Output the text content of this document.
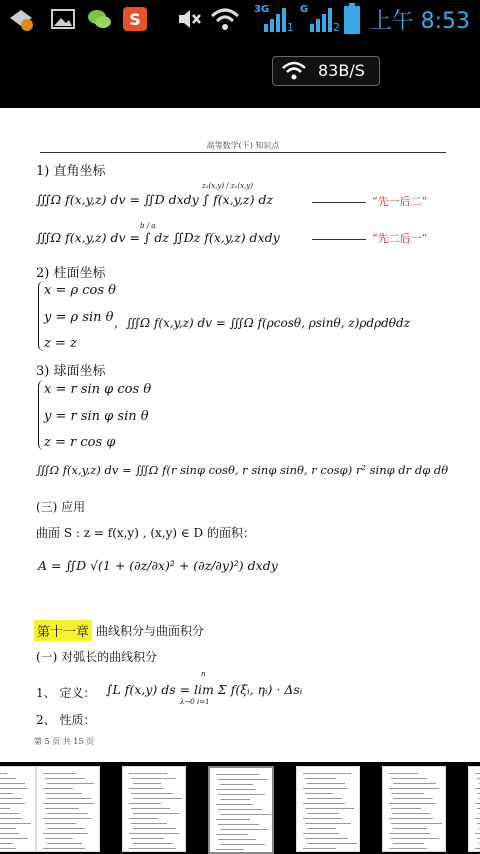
S
3G
1
G
2 上午 8:53
83B/S
高等数学(下) 知识点
1) 直角坐标
∭Ω f(x,y,z) dv = ∬D dxdy ∫ f(x,y,z) dz
z₂(x,y) / z₁(x,y)
“先一后二”
∭Ω f(x,y,z) dv = ∫ dz ∬Dz f(x,y,z) dxdy
b / a
“先二后一”
2) 柱面坐标
x = ρ cos θ
y = ρ sin θ
z = z
，∭Ω f(x,y,z) dv = ∭Ω f(ρcosθ, ρsinθ, z)ρdρdθdz
3) 球面坐标
x = r sin φ cos θ
y = r sin φ sin θ
z = r cos φ
∭Ω f(x,y,z) dv = ∭Ω f(r sinφ cosθ, r sinφ sinθ, r cosφ) r² sinφ dr dφ dθ
(三) 应用
曲面 S : z = f(x,y) , (x,y) ∈ D 的面积：
A = ∬D √(1 + (∂z/∂x)² + (∂z/∂y)²) dxdy
第十一章 曲线积分与曲面积分
(一) 对弧长的曲线积分
1、 定义： ∫L f(x,y) ds = lim Σ f(ξᵢ, ηᵢ) · Δsᵢ
n
λ→0 i=1
2、 性质：
第 5 页 共 15 页
